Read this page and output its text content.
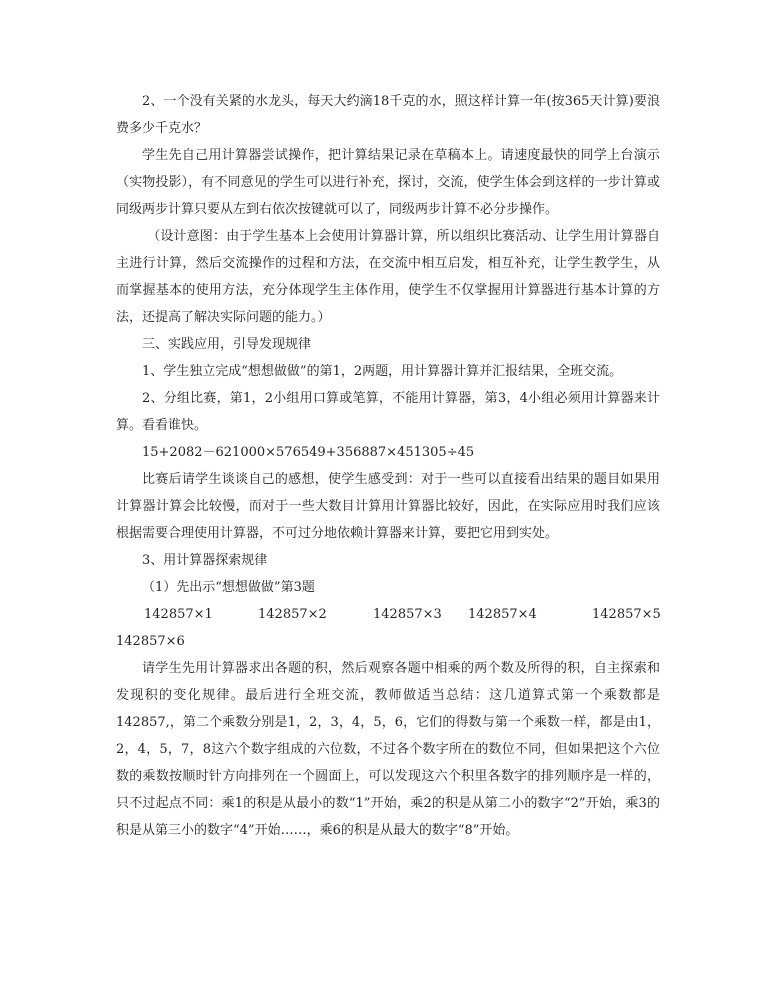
2、一个没有关紧的水龙头，每天大约滴18千克的水，照这样计算一年(按365天计算)要浪费多少千克水？

学生先自己用计算器尝试操作，把计算结果记录在草稿本上。请速度最快的同学上台演示（实物投影），有不同意见的学生可以进行补充，探讨，交流，使学生体会到这样的一步计算或同级两步计算只要从左到右依次按键就可以了，同级两步计算不必分步操作。

（设计意图：由于学生基本上会使用计算器计算，所以组织比赛活动、让学生用计算器自主进行计算，然后交流操作的过程和方法，在交流中相互启发，相互补充，让学生教学生，从而掌握基本的使用方法，充分体现学生主体作用，使学生不仅掌握用计算器进行基本计算的方法，还提高了解决实际问题的能力。）

三、实践应用，引导发现规律

1、学生独立完成“想想做做”的第1，2两题，用计算器计算并汇报结果，全班交流。

2、分组比赛，第1，2小组用口算或笔算，不能用计算器，第3，4小组必须用计算器来计算。看看谁快。

15+2082－621000×576549+356887×451305÷45

比赛后请学生谈谈自己的感想，使学生感受到：对于一些可以直接看出结果的题目如果用计算器计算会比较慢，而对于一些大数目计算用计算器比较好，因此，在实际应用时我们应该根据需要合理使用计算器，不可过分地依赖计算器来计算，要把它用到实处。

3、用计算器探索规律

（1）先出示“想想做做”第3题

142857×1	142857×2	142857×3 142857×4	142857×5
142857×6

请学生先用计算器求出各题的积，然后观察各题中相乘的两个数及所得的积，自主探索和发现积的变化规律。最后进行全班交流，教师做适当总结：这几道算式第一个乘数都是142857,，第二个乘数分别是1，2，3，4，5，6，它们的得数与第一个乘数一样，都是由1，2，4，5，7，8这六个数字组成的六位数，不过各个数字所在的数位不同，但如果把这个六位数的乘数按顺时针方向排列在一个圆面上，可以发现这六个积里各数字的排列顺序是一样的，只不过起点不同：乘1的积是从最小的数“1”开始，乘2的积是从第二小的数字“2”开始，乘3的积是从第三小的数字“4”开始……，乘6的积是从最大的数字“8”开始。
